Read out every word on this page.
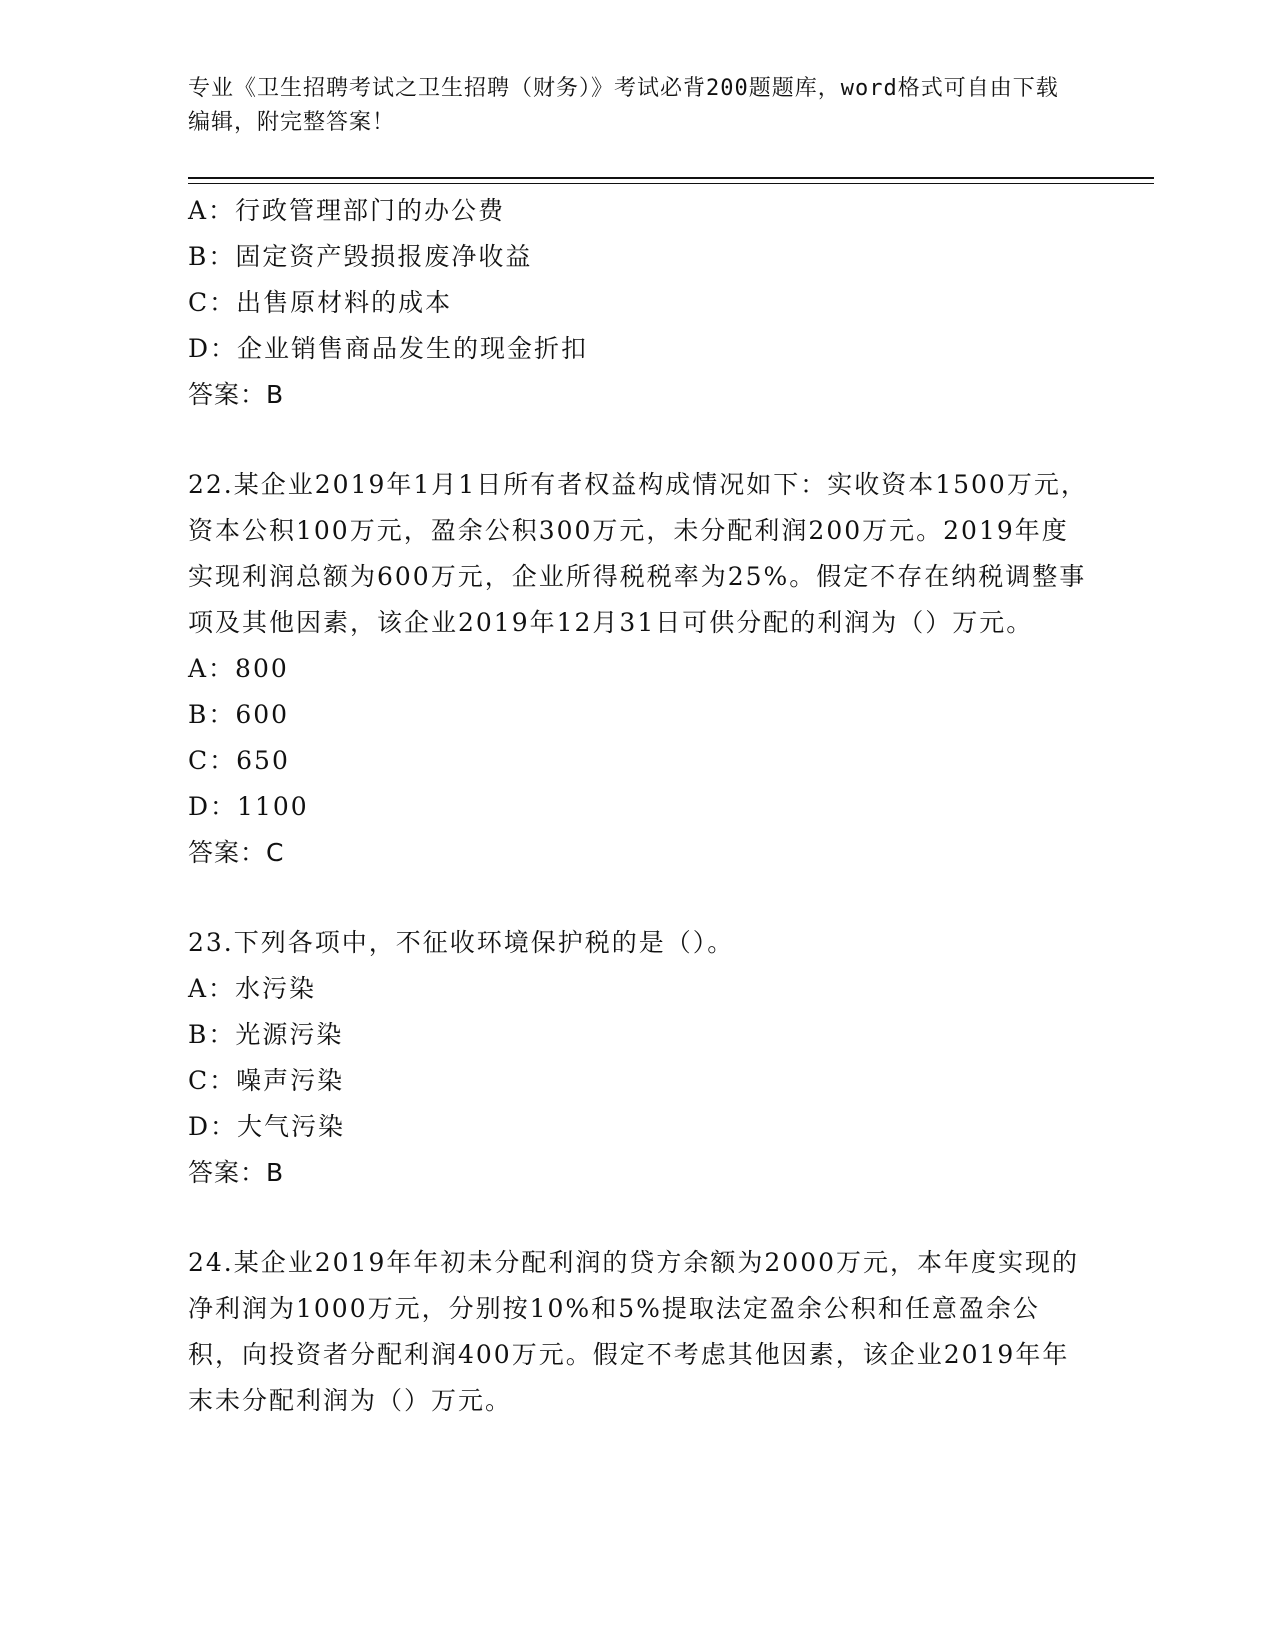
专业《卫生招聘考试之卫生招聘（财务）》考试必背200题题库，word格式可自由下载编辑，附完整答案！
A：行政管理部门的办公费
B：固定资产毁损报废净收益
C：出售原材料的成本
D：企业销售商品发生的现金折扣
答案：B
22.某企业2019年1月1日所有者权益构成情况如下：实收资本1500万元，资本公积100万元，盈余公积300万元，未分配利润200万元。2019年度实现利润总额为600万元，企业所得税税率为25%。假定不存在纳税调整事项及其他因素，该企业2019年12月31日可供分配的利润为（）万元。
A：800
B：600
C：650
D：1100
答案：C
23.下列各项中，不征收环境保护税的是（）。
A：水污染
B：光源污染
C：噪声污染
D：大气污染
答案：B
24.某企业2019年年初未分配利润的贷方余额为2000万元，本年度实现的净利润为1000万元，分别按10%和5%提取法定盈余公积和任意盈余公积，向投资者分配利润400万元。假定不考虑其他因素，该企业2019年年末未分配利润为（）万元。
